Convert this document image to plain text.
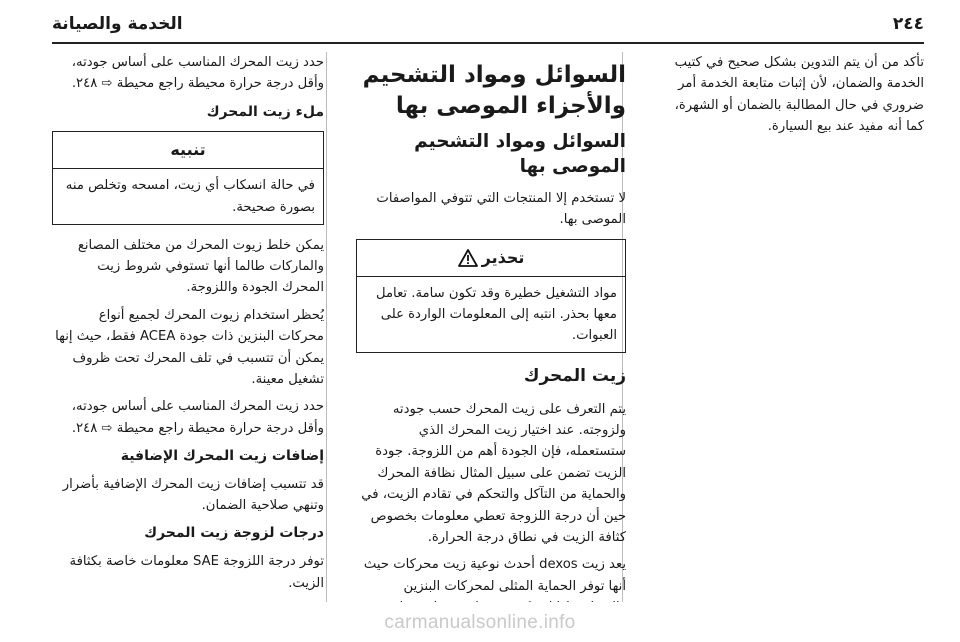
٢٤٤
الخدمة والصيانة

تأكد من أن يتم التدوين بشكل صحيح في كتيب الخدمة والضمان، لأن إثبات متابعة الخدمة أمر ضروري في حال المطالبة بالضمان أو الشهرة، كما أنه مفيد عند بيع السيارة.

السوائل ومواد التشحيم والأجزاء الموصى بها
السوائل ومواد التشحيم الموصى بها

لا تستخدم إلا المنتجات التي تتوفي المواصفات الموصى بها.

تحذير
مواد التشغيل خطيرة وقد تكون سامة. تعامل معها بحذر. انتبه إلى المعلومات الواردة على العبوات.
زيت المحرك

يتم التعرف على زيت المحرك حسب جودته ولزوجته. عند اختيار زيت المحرك الذي ستستعمله، فإن الجودة أهم من اللزوجة. جودة الزيت تضمن على سبيل المثال نظافة المحرك والحماية من التآكل والتحكم في تقادم الزيت، في حين أن درجة اللزوجة تعطي معلومات بخصوص كثافة الزيت في نطاق درجة الحرارة.

يعد زيت dexos أحدث نوعية زيت محركات حيث أنها توفر الحماية المثلى لمحركات البنزين

حدد زيت المحرك المناسب على أساس جودته، وأقل درجة حرارة محيطة راجع محيطة ⇨ ٢٤٨.

ملء زيت المحرك
تنبيه
في حالة انسكاب أي زيت، امسحه وتخلص منه بصورة صحيحة.

يمكن خلط زيوت المحرك من مختلف المصانع والماركات طالما أنها تستوفي شروط زيت المحرك الجودة واللزوجة.

يُحظر استخدام زيوت المحرك لجميع أنواع محركات البنزين ذات جودة ACEA فقط، حيث إنها يمكن أن تتسبب في تلف المحرك تحت ظروف تشغيل معينة.

حدد زيت المحرك المناسب على أساس جودته، وأقل درجة حرارة محيطة راجع محيطة ⇨ ٢٤٨.

إضافات زيت المحرك الإضافية

قد تتسبب إضافات زيت المحرك الإضافية بأضرار وتنهي صلاحية الضمان.

درجات لزوجة زيت المحرك

توفر درجة اللزوجة SAE معلومات خاصة بكثافة الزيت.

carmanualsonline.info
